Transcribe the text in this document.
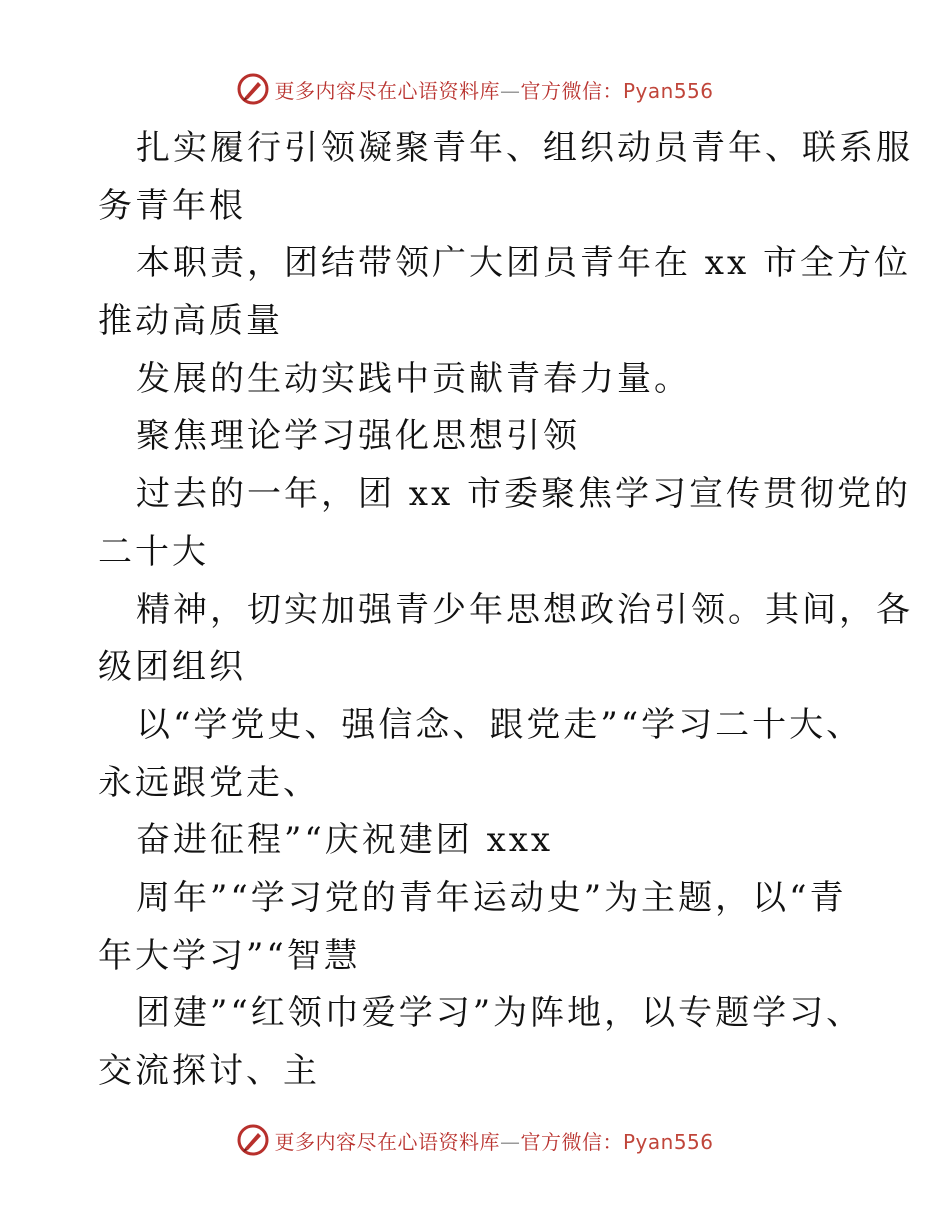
更多内容尽在心语资料库—官方微信：Pyan556
扎实履行引领凝聚青年、组织动员青年、联系服
务青年根
本职责，团结带领广大团员青年在 xx 市全方位
推动高质量
发展的生动实践中贡献青春力量。
聚焦理论学习强化思想引领
过去的一年，团 xx 市委聚焦学习宣传贯彻党的
二十大
精神，切实加强青少年思想政治引领。其间，各
级团组织
以“学党史、强信念、跟党走”“学习二十大、
永远跟党走、
奋进征程”“庆祝建团 xxx
周年”“学习党的青年运动史”为主题，以“青
年大学习”“智慧
团建”“红领巾爱学习”为阵地，以专题学习、
交流探讨、主
更多内容尽在心语资料库—官方微信：Pyan556
